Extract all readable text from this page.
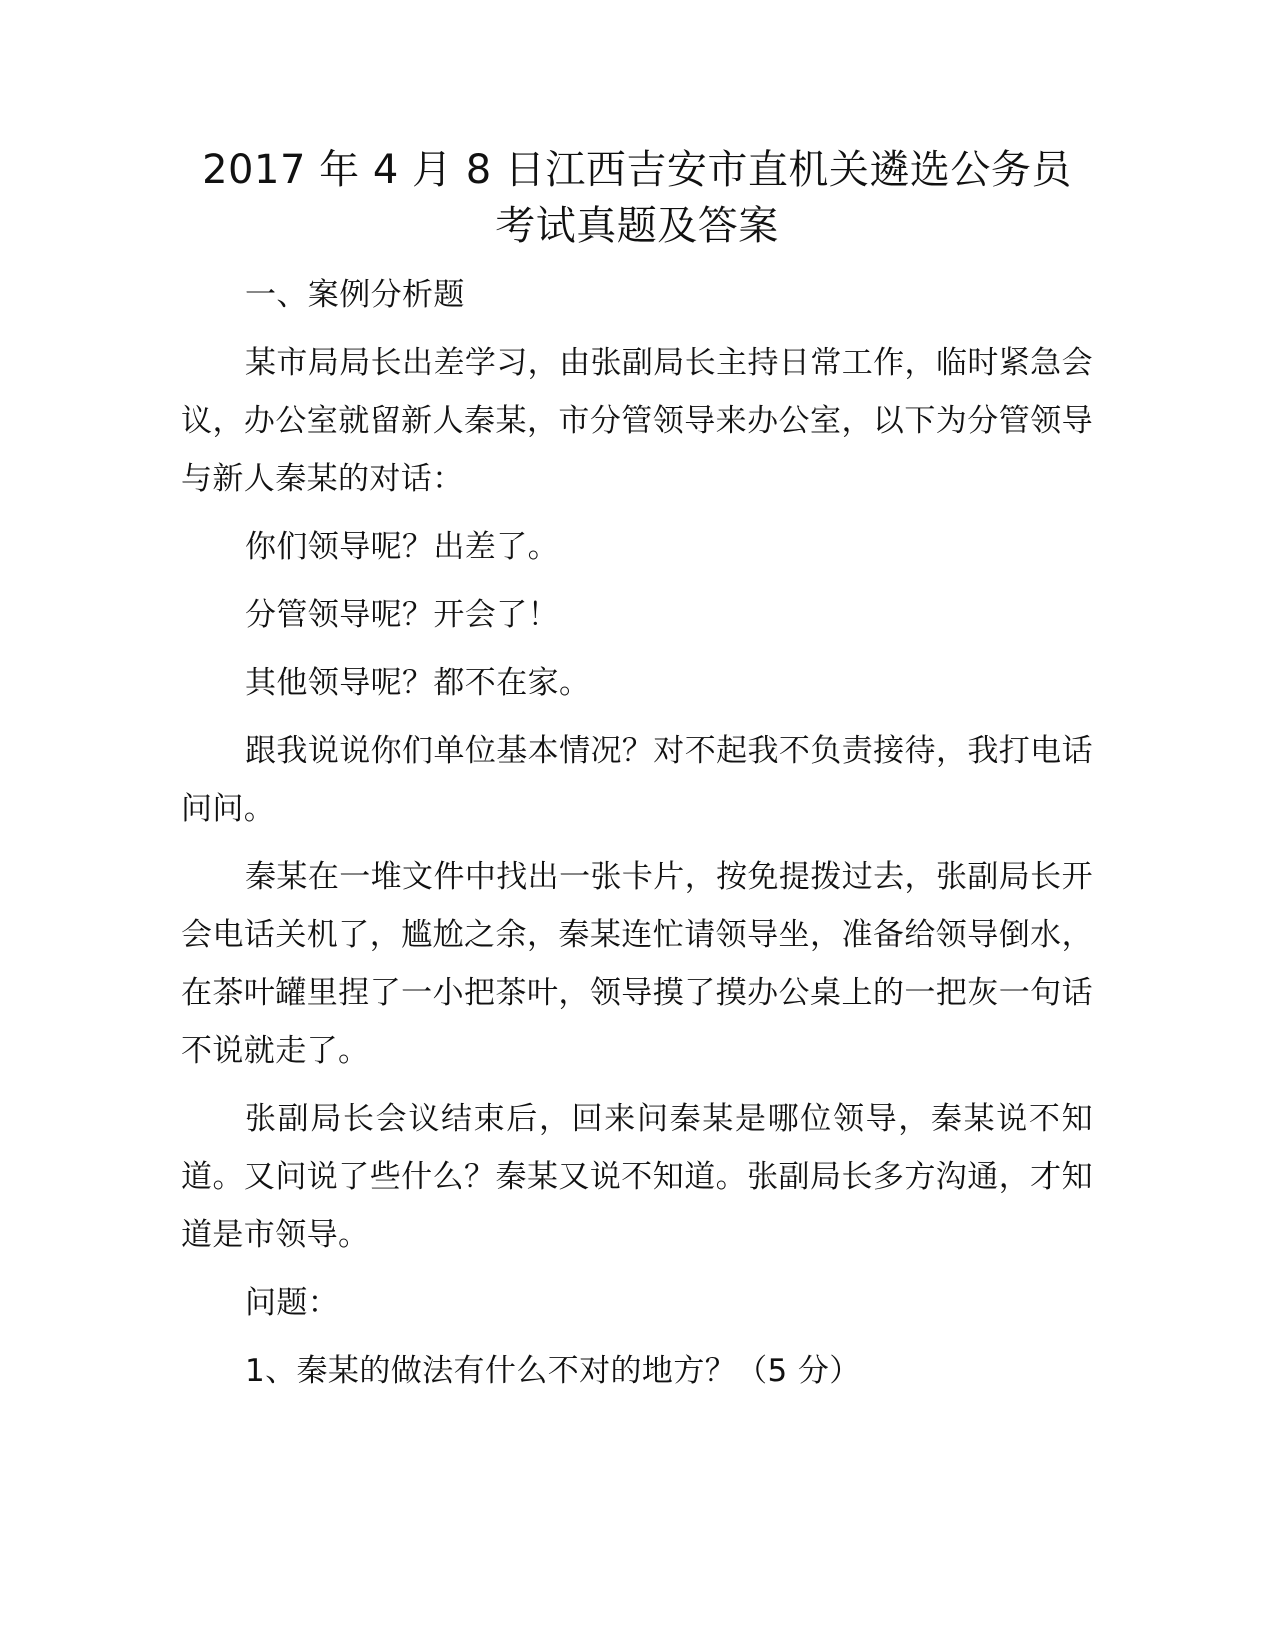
2017 年 4 月 8 日江西吉安市直机关遴选公务员
考试真题及答案

一、案例分析题

某市局局长出差学习，由张副局长主持日常工作，临时紧急会议，办公室就留新人秦某，市分管领导来办公室，以下为分管领导与新人秦某的对话：

你们领导呢？出差了。

分管领导呢？开会了！

其他领导呢？都不在家。

跟我说说你们单位基本情况？对不起我不负责接待，我打电话问问。

秦某在一堆文件中找出一张卡片，按免提拨过去，张副局长开会电话关机了，尴尬之余，秦某连忙请领导坐，准备给领导倒水，在茶叶罐里捏了一小把茶叶，领导摸了摸办公桌上的一把灰一句话不说就走了。

张副局长会议结束后，回来问秦某是哪位领导，秦某说不知道。又问说了些什么？秦某又说不知道。张副局长多方沟通，才知道是市领导。

问题：

1、秦某的做法有什么不对的地方？（5 分）
